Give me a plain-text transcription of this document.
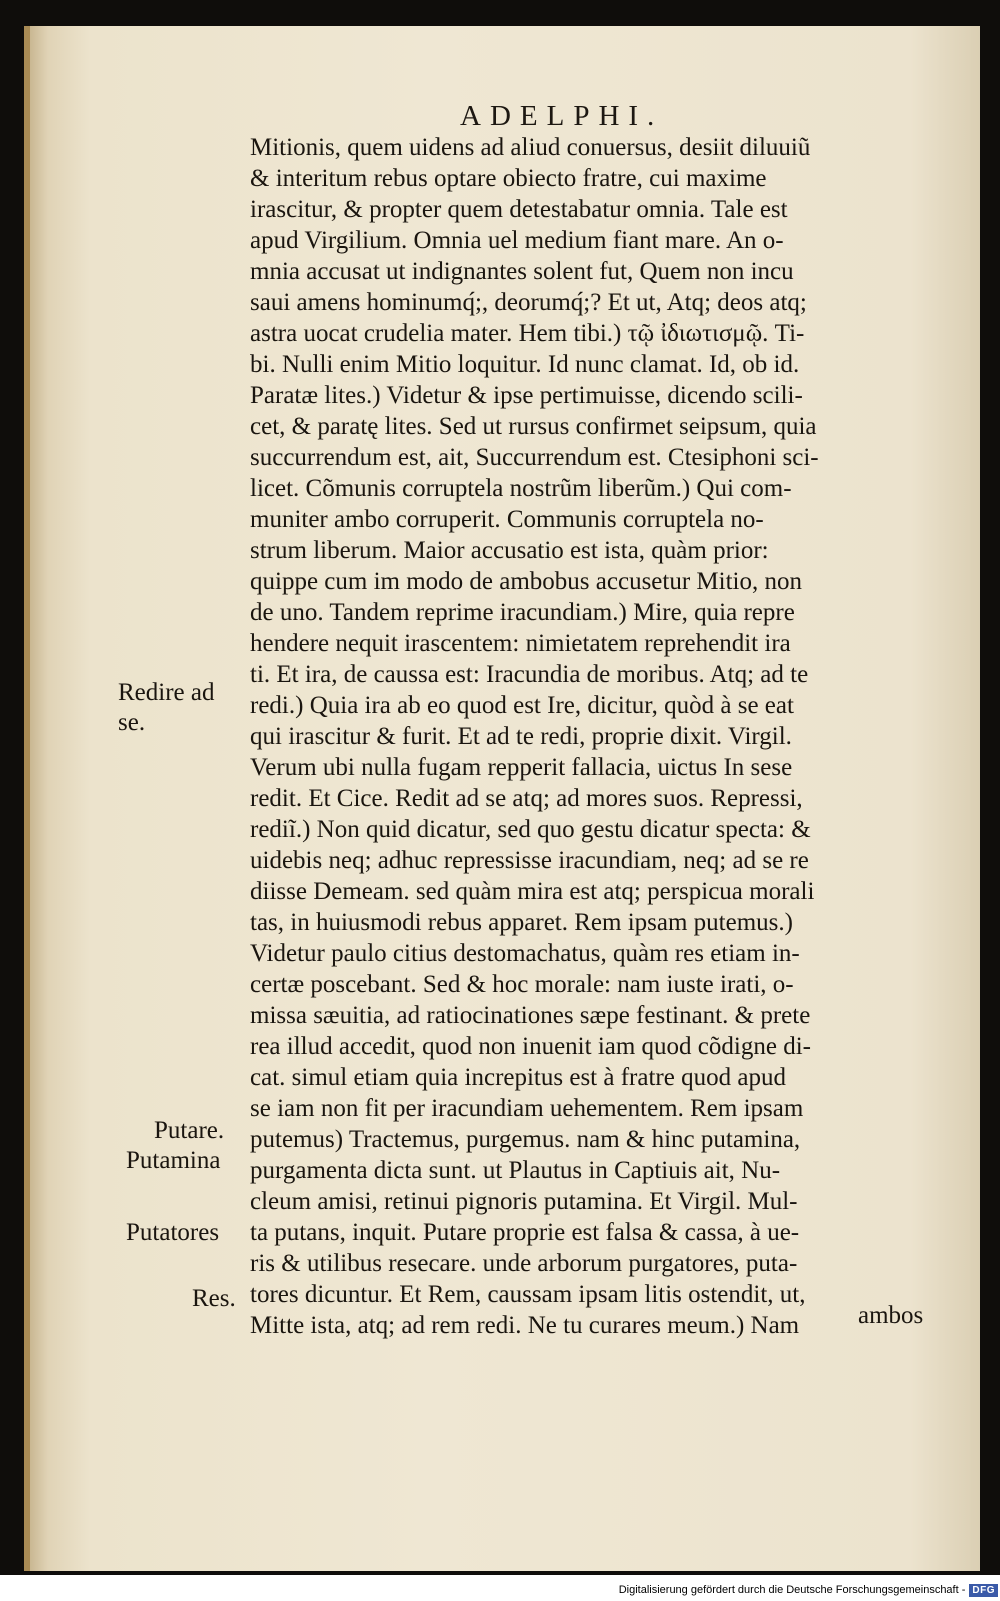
ADELPHI.
Mitionis, quem uidens ad aliud conuersus, desiit diluuiũ
& interitum rebus optare obiecto fratre, cui maxime
irascitur, & propter quem detestabatur omnia. Tale est
apud Virgilium. Omnia uel medium fiant mare. An o-
mnia accusat ut indignantes solent fut, Quem non incu
saui amens hominumq́;, deorumq́;? Et ut, Atq; deos atq;
astra uocat crudelia mater. Hem tibi.) τῷ ἰδιωτισμῷ. Ti-
bi. Nulli enim Mitio loquitur. Id nunc clamat. Id, ob id.
Paratæ lites.) Videtur & ipse pertimuisse, dicendo scili-
cet, & paratę lites. Sed ut rursus confirmet seipsum, quia
succurrendum est, ait, Succurrendum est. Ctesiphoni sci-
licet. Cõmunis corruptela nostrũm liberũm.) Qui com-
muniter ambo corruperit. Communis corruptela no-
strum liberum. Maior accusatio est ista, quàm prior:
quippe cum im modo de ambobus accusetur Mitio, non
de uno. Tandem reprime iracundiam.) Mire, quia repre
hendere nequit irascentem: nimietatem reprehendit ira
ti. Et ira, de caussa est: Iracundia de moribus. Atq; ad te
redi.) Quia ira ab eo quod est Ire, dicitur, quòd à se eat
qui irascitur & furit. Et ad te redi, proprie dixit. Virgil.
Verum ubi nulla fugam repperit fallacia, uictus In sese
redit. Et Cice. Redit ad se atq; ad mores suos. Repressi,
rediĩ.) Non quid dicatur, sed quo gestu dicatur specta: &
uidebis neq; adhuc repressisse iracundiam, neq; ad se re
diisse Demeam. sed quàm mira est atq; perspicua morali
tas, in huiusmodi rebus apparet. Rem ipsam putemus.)
Videtur paulo citius destomachatus, quàm res etiam in-
certæ poscebant. Sed & hoc morale: nam iuste irati, o-
missa sæuitia, ad ratiocinationes sæpe festinant. & prete
rea illud accedit, quod non inuenit iam quod cõdigne di-
cat. simul etiam quia increpitus est à fratre quod apud
se iam non fit per iracundiam uehementem. Rem ipsam
putemus) Tractemus, purgemus. nam & hinc putamina,
purgamenta dicta sunt. ut Plautus in Captiuis ait, Nu-
cleum amisi, retinui pignoris putamina. Et Virgil. Mul-
ta putans, inquit. Putare proprie est falsa & cassa, à ue-
ris & utilibus resecare. unde arborum purgatores, puta-
tores dicuntur. Et Rem, caussam ipsam litis ostendit, ut,
Mitte ista, atq; ad rem redi. Ne tu curares meum.) Nam	ambos
Redire ad
se.
Putare.
Putamina
Putatores
Res.
Digitalisierung gefördert durch die Deutsche Forschungsgemeinschaft - DFG
